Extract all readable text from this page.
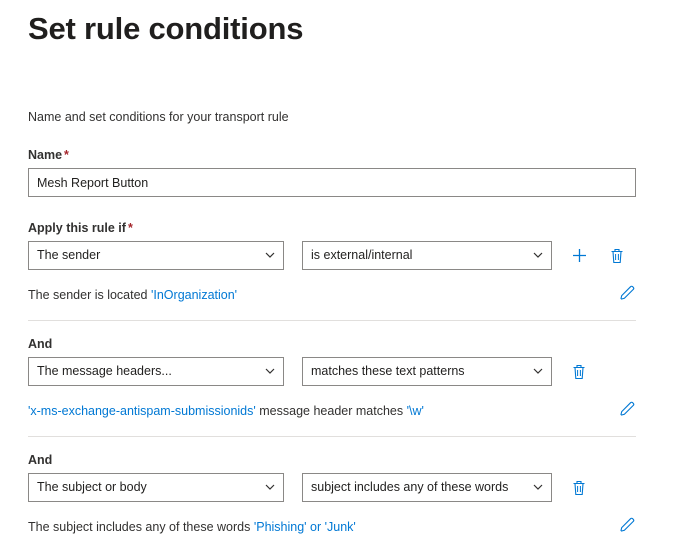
Set rule conditions
Name and set conditions for your transport rule
Name *
Mesh Report Button
Apply this rule if *
The sender	is external/internal
The sender is located 'InOrganization'
And
The message headers...	matches these text patterns
'x-ms-exchange-antispam-submissionids' message header matches '\w'
And
The subject or body	subject includes any of these words
The subject includes any of these words 'Phishing' or 'Junk'
